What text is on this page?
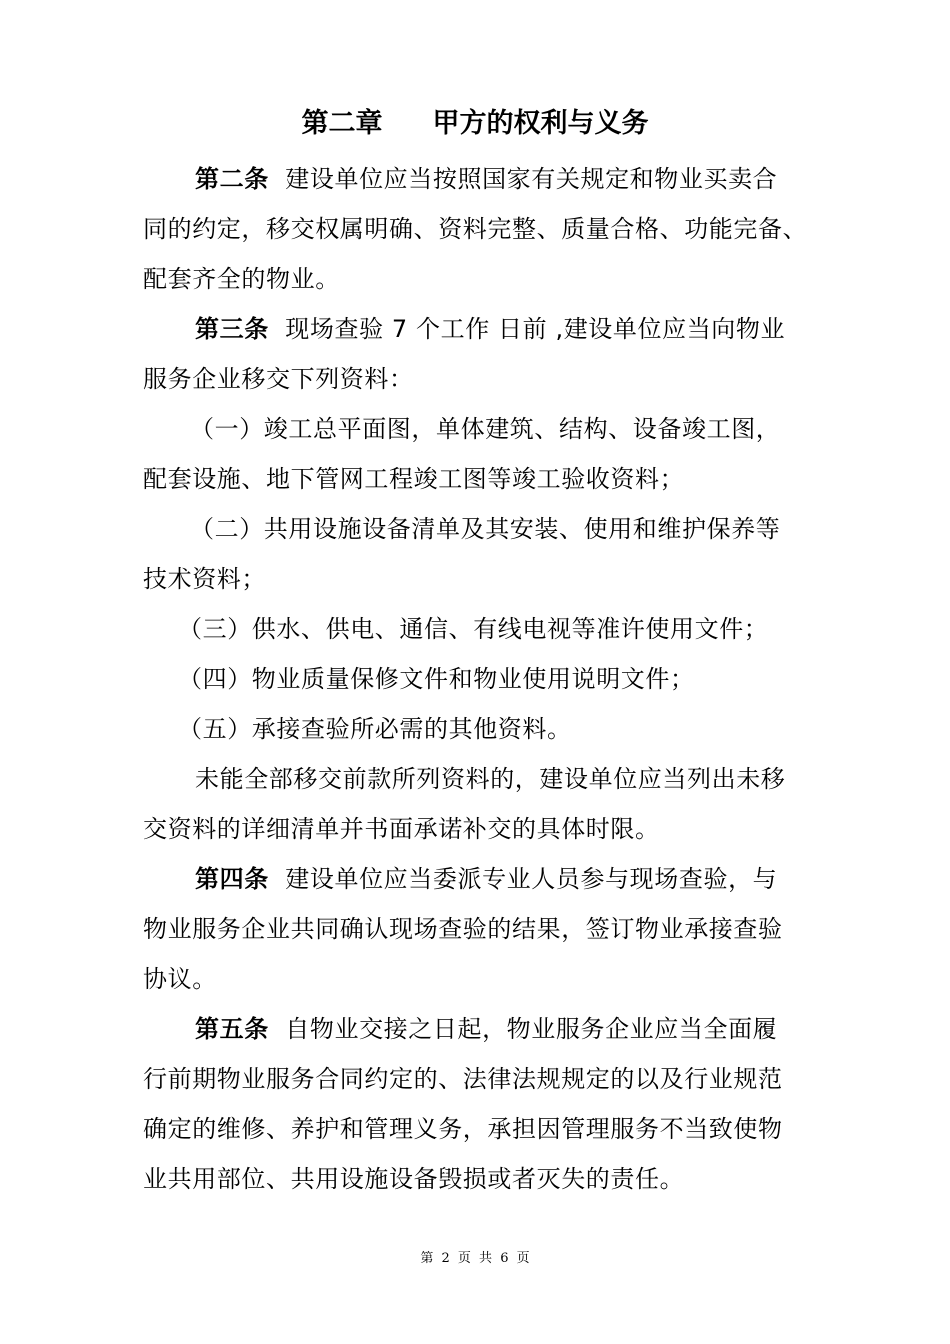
第二章 甲方的权利与义务
第二条 建设单位应当按照国家有关规定和物业买卖合
同的约定，移交权属明确、资料完整、质量合格、功能完备、
配套齐全的物业。
第三条 现场查验 7 个工作 日前 ,建设单位应当向物业
服务企业移交下列资料：
（一）竣工总平面图，单体建筑、结构、设备竣工图，
配套设施、地下管网工程竣工图等竣工验收资料；
（二）共用设施设备清单及其安装、使用和维护保养等
技术资料；
（三）供水、供电、通信、有线电视等准许使用文件；
（四）物业质量保修文件和物业使用说明文件；
（五）承接查验所必需的其他资料。
未能全部移交前款所列资料的，建设单位应当列出未移
交资料的详细清单并书面承诺补交的具体时限。
第四条 建设单位应当委派专业人员参与现场查验，与
物业服务企业共同确认现场查验的结果，签订物业承接查验
协议。
第五条 自物业交接之日起，物业服务企业应当全面履
行前期物业服务合同约定的、法律法规规定的以及行业规范
确定的维修、养护和管理义务，承担因管理服务不当致使物
业共用部位、共用设施设备毁损或者灭失的责任。
第 2 页 共 6 页
